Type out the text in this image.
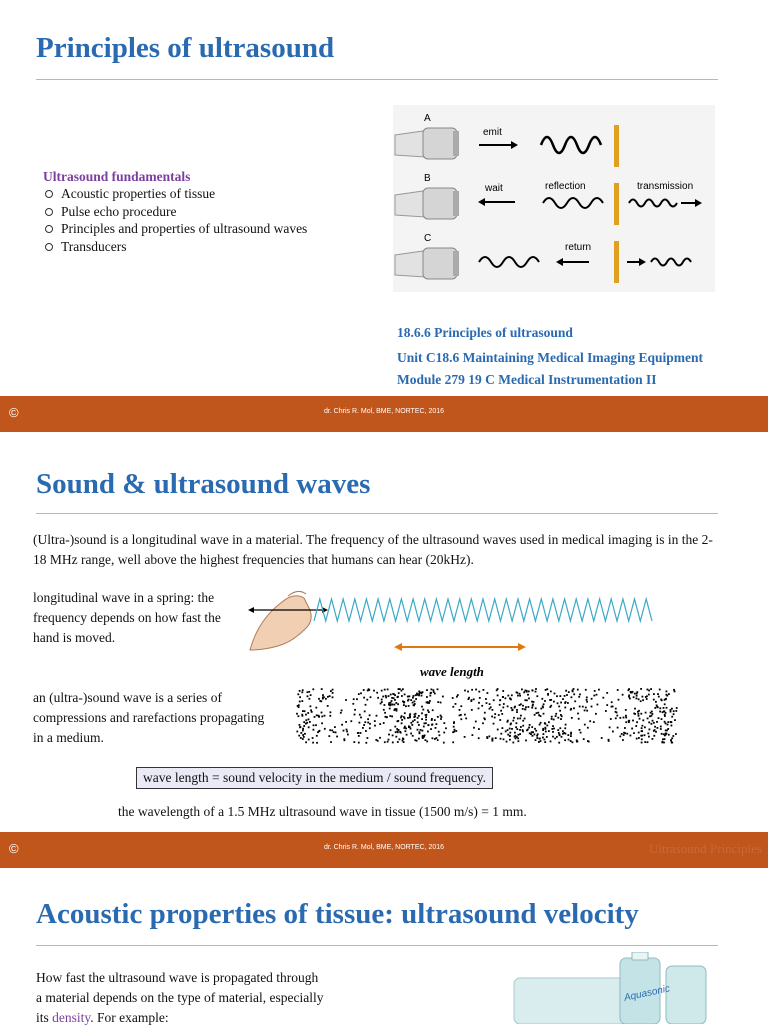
Principles of ultrasound
Ultrasound fundamentals
Acoustic properties of tissue
Pulse echo procedure
Principles and properties of ultrasound waves
Transducers
A
B
C
emit
wait	reflection	transmission
return
18.6.6 Principles of ultrasound
Unit C18.6 Maintaining Medical Imaging Equipment
Module 279 19 C Medical Instrumentation II
©	dr. Chris R. Mol, BME, NORTEC, 2016
Sound & ultrasound waves
(Ultra-)sound is a longitudinal wave in a material. The frequency of the ultrasound waves used in medical imaging is in the 2-18 MHz range, well above the highest frequencies that humans can hear (20kHz).
longitudinal wave in a spring: the frequency depends on how fast the hand is moved.
wave length
an (ultra-)sound wave is a series of compressions and rarefactions propagating in a medium.
wave length = sound velocity in the medium / sound frequency.
the wavelength of a 1.5 MHz ultrasound wave in tissue (1500 m/s) = 1 mm.
©	dr. Chris R. Mol, BME, NORTEC, 2016	Ultrasound Principles
Acoustic properties of tissue: ultrasound velocity
How fast the ultrasound wave is propagated through
a material depends on the type of material, especially
its density. For example:
Aquasonic
